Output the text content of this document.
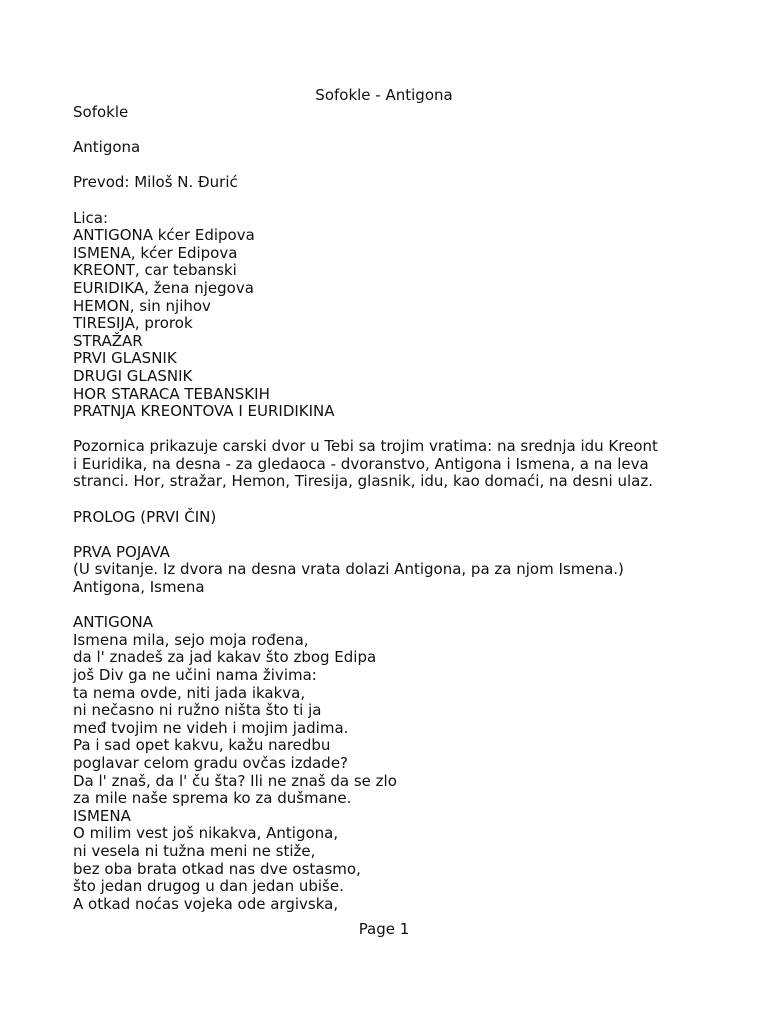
Sofokle - Antigona
Sofokle
Antigona
Prevod: Miloš N. Đurić
Lica:
ANTIGONA kćer Edipova
ISMENA, kćer Edipova
KREONT, car tebanski
EURIDIKA, žena njegova
HEMON, sin njihov
TIRESIJA, prorok
STRAŽAR
PRVI GLASNIK
DRUGI GLASNIK
HOR STARACA TEBANSKIH
PRATNJA KREONTOVA I EURIDIKINA
Pozornica prikazuje carski dvor u Tebi sa trojim vratima: na srednja idu Kreont
i Euridika, na desna - za gledaoca - dvoranstvo, Antigona i Ismena, a na leva
stranci. Hor, stražar, Hemon, Tiresija, glasnik, idu, kao domaći, na desni ulaz.
PROLOG (PRVI ČIN)
PRVA POJAVA
(U svitanje. Iz dvora na desna vrata dolazi Antigona, pa za njom Ismena.)
Antigona, Ismena
ANTIGONA
Ismena mila, sejo moja rođena,
da l' znadeš za jad kakav što zbog Edipa
još Div ga ne učini nama živima:
ta nema ovde, niti jada ikakva,
ni nečasno ni ružno ništa što ti ja
međ tvojim ne videh i mojim jadima.
Pa i sad opet kakvu, kažu naredbu
poglavar celom gradu ovčas izdade?
Da l' znaš, da l' ču šta? Ili ne znaš da se zlo
za mile naše sprema ko za dušmane.
ISMENA
O milim vest još nikakva, Antigona,
ni vesela ni tužna meni ne stiže,
bez oba brata otkad nas dve ostasmo,
što jedan drugog u dan jedan ubiše.
A otkad noćas vojeka ode argivska,
Page 1
